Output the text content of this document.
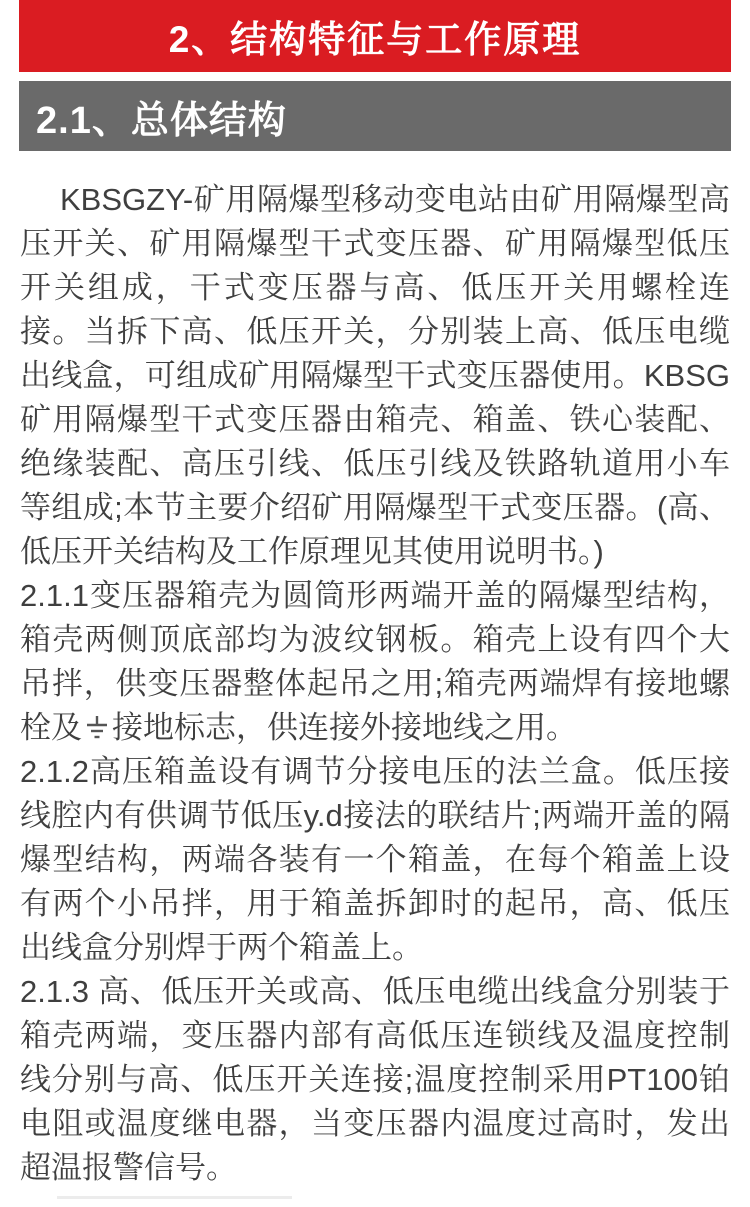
2、结构特征与工作原理
2.1、总体结构

KBSGZY-矿用隔爆型移动变电站由矿用隔爆型高压开关、矿用隔爆型干式变压器、矿用隔爆型低压开关组成，干式变压器与高、低压开关用螺栓连接。当拆下高、低压开关，分别装上高、低压电缆出线盒，可组成矿用隔爆型干式变压器使用。KBSG矿用隔爆型干式变压器由箱壳、箱盖、铁心装配、绝缘装配、高压引线、低压引线及铁路轨道用小车等组成;本节主要介绍矿用隔爆型干式变压器。(高、低压开关结构及工作原理见其使用说明书。)

2.1.1变压器箱壳为圆筒形两端开盖的隔爆型结构，箱壳两侧顶底部均为波纹钢板。箱壳上设有四个大吊拌，供变压器整体起吊之用;箱壳两端焊有接地螺栓及 接地标志，供连接外接地线之用。

2.1.2高压箱盖设有调节分接电压的法兰盒。低压接线腔内有供调节低压y.d接法的联结片;两端开盖的隔爆型结构，两端各装有一个箱盖，在每个箱盖上设有两个小吊拌，用于箱盖拆卸时的起吊，高、低压出线盒分别焊于两个箱盖上。

2.1.3 高、低压开关或高、低压电缆出线盒分别装于箱壳两端，变压器内部有高低压连锁线及温度控制线分别与高、低压开关连接;温度控制采用PT100铂电阻或温度继电器，当变压器内温度过高时，发出超温报警信号。
